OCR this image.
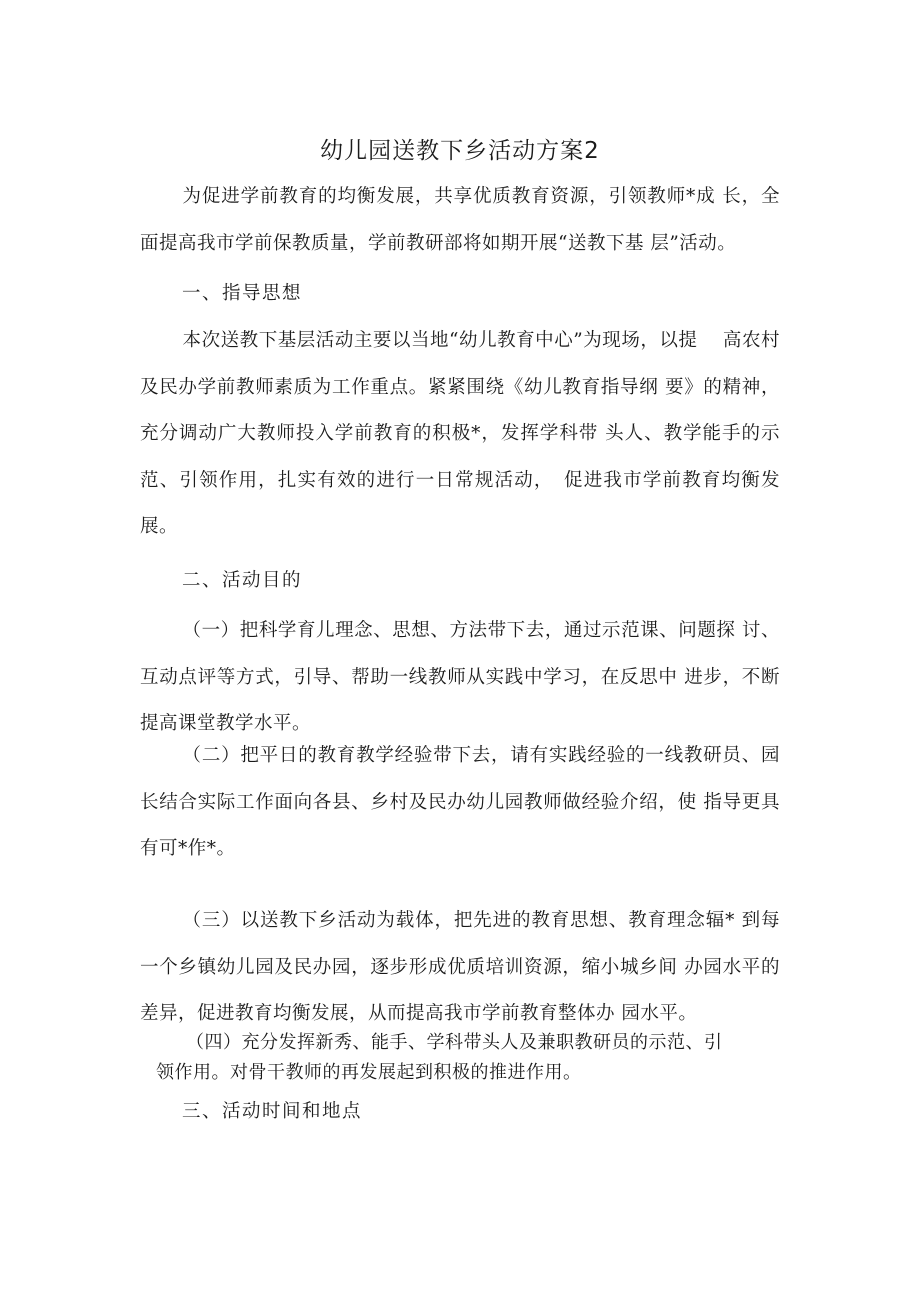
幼儿园送教下乡活动方案2

为促进学前教育的均衡发展，共享优质教育资源，引领教师*成 长，全面提高我市学前保教质量，学前教研部将如期开展“送教下基 层”活动。

一、指导思想

本次送教下基层活动主要以当地“幼儿教育中心”为现场，以提　 高农村及民办学前教师素质为工作重点。紧紧围绕《幼儿教育指导纲 要》的精神，充分调动广大教师投入学前教育的积极*，发挥学科带 头人、教学能手的示范、引领作用，扎实有效的进行一日常规活动，　促进我市学前教育均衡发展。

二、活动目的

（一）把科学育儿理念、思想、方法带下去，通过示范课、问题探 讨、互动点评等方式，引导、帮助一线教师从实践中学习，在反思中 进步，不断提高课堂教学水平。

（二）把平日的教育教学经验带下去，请有实践经验的一线教研员、园长结合实际工作面向各县、乡村及民办幼儿园教师做经验介绍，使 指导更具有可*作*。

（三）以送教下乡活动为载体，把先进的教育思想、教育理念辐* 到每一个乡镇幼儿园及民办园，逐步形成优质培训资源，缩小城乡间 办园水平的差异，促进教育均衡发展，从而提高我市学前教育整体办 园水平。

（四）充分发挥新秀、能手、学科带头人及兼职教研员的示范、引
领作用。对骨干教师的再发展起到积极的推进作用。
三、活动时间和地点
